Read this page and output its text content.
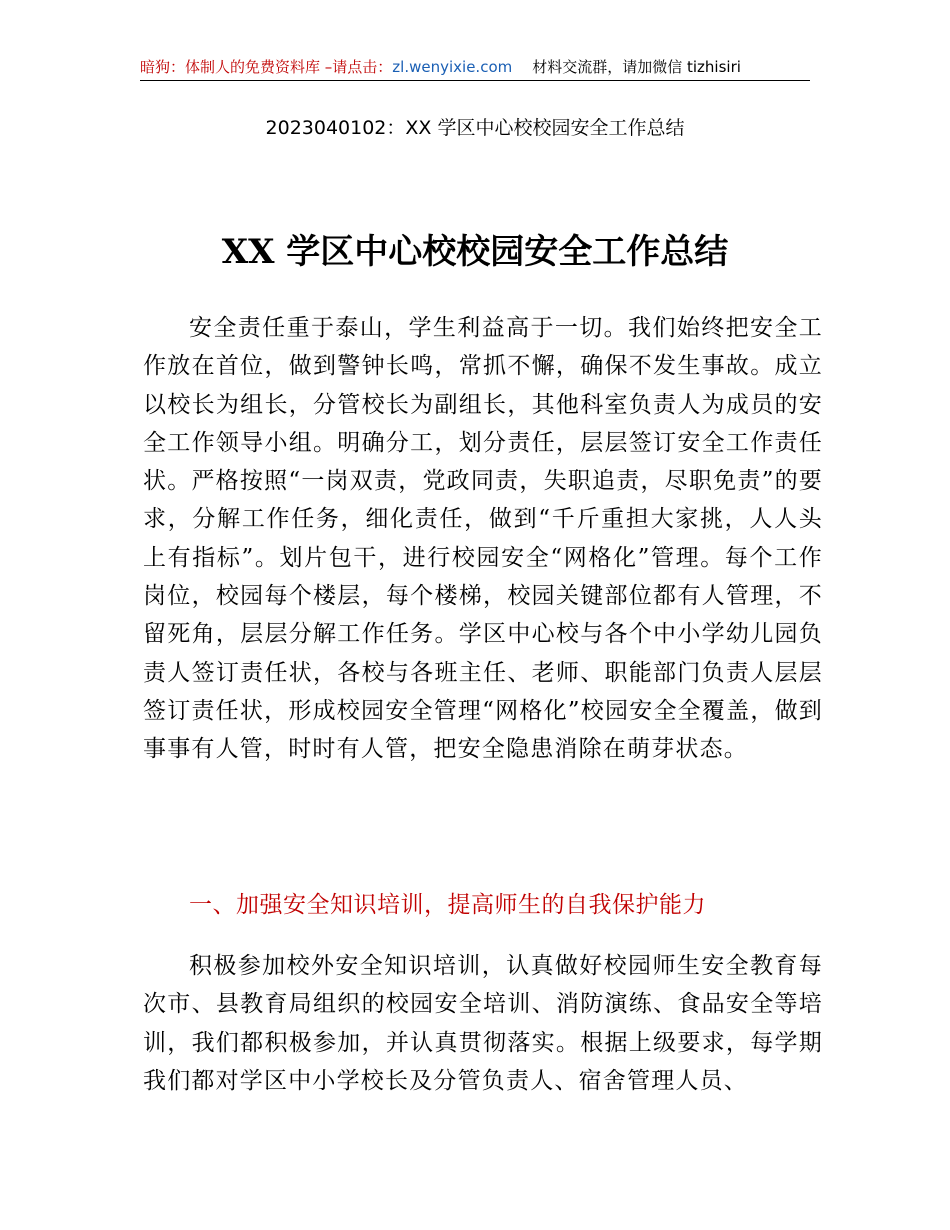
暗狗：体制人的免费资料库 –请点击：zl.wenyixie.com 材料交流群，请加微信 tizhisiri
2023040102：XX 学区中心校校园安全工作总结
XX 学区中心校校园安全工作总结

安全责任重于泰山，学生利益高于一切。我们始终把安全工作放在首位，做到警钟长鸣，常抓不懈，确保不发生事故。成立以校长为组长，分管校长为副组长，其他科室负责人为成员的安全工作领导小组。明确分工，划分责任，层层签订安全工作责任状。严格按照“一岗双责，党政同责，失职追责，尽职免责”的要求，分解工作任务，细化责任，做到“千斤重担大家挑，人人头上有指标”。划片包干，进行校园安全“网格化”管理。每个工作岗位，校园每个楼层，每个楼梯，校园关键部位都有人管理，不留死角，层层分解工作任务。学区中心校与各个中小学幼儿园负责人签订责任状，各校与各班主任、老师、职能部门负责人层层签订责任状，形成校园安全管理“网格化”校园安全全覆盖，做到事事有人管，时时有人管，把安全隐患消除在萌芽状态。

一、加强安全知识培训，提高师生的自我保护能力

积极参加校外安全知识培训，认真做好校园师生安全教育每次市、县教育局组织的校园安全培训、消防演练、食品安全等培训，我们都积极参加，并认真贯彻落实。根据上级要求，每学期我们都对学区中小学校长及分管负责人、宿舍管理人员、
